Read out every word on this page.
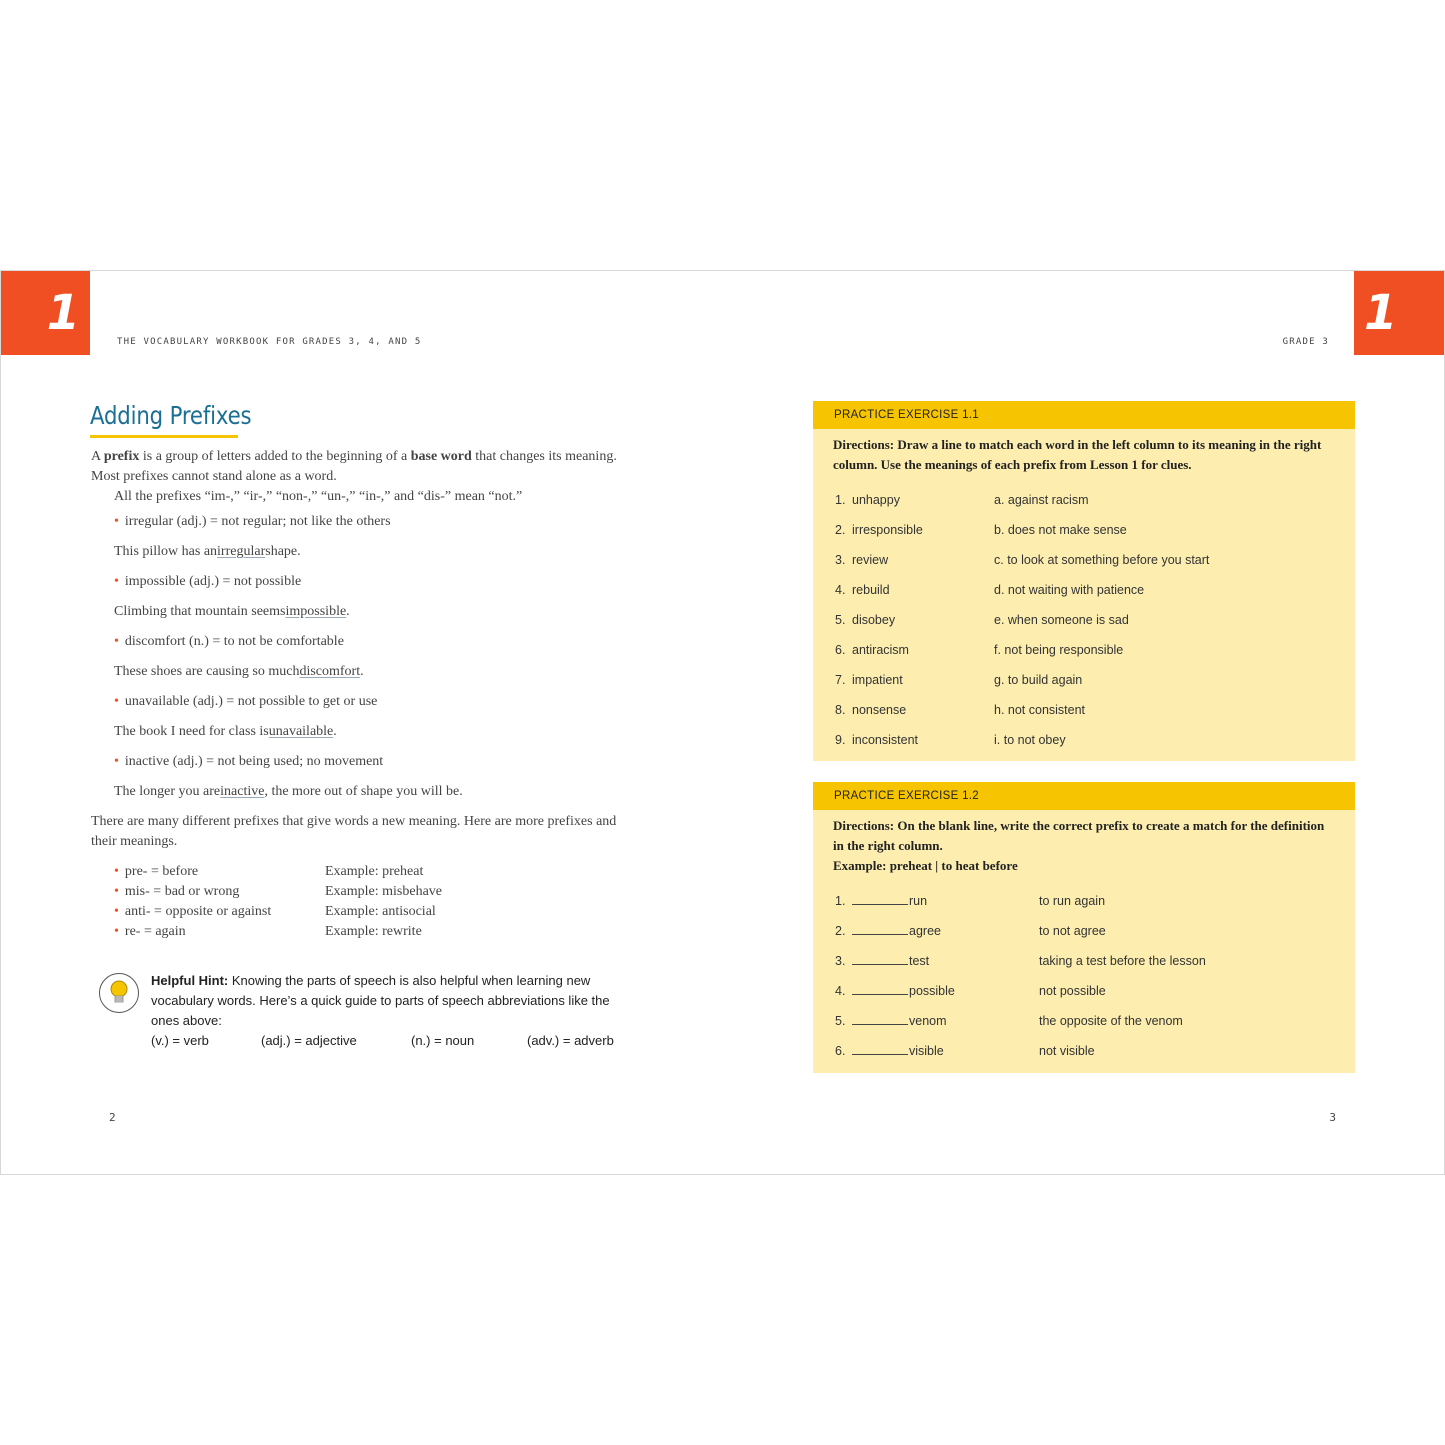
1	1
THE VOCABULARY WORKBOOK FOR GRADES 3, 4, AND 5	GRADE 3
Adding Prefixes

A prefix is a group of letters added to the beginning of a base word that changes its meaning. Most prefixes cannot stand alone as a word.

All the prefixes “im-,” “ir-,” “non-,” “un-,” “in-,” and “dis-” mean “not.”

• irregular (adj.) = not regular; not like the others
This pillow has an irregular shape.
• impossible (adj.) = not possible
Climbing that mountain seems impossible .
• discomfort (n.) = to not be comfortable
These shoes are causing so much discomfort .
• unavailable (adj.) = not possible to get or use
The book I need for class is unavailable .
• inactive (adj.) = not being used; no movement
The longer you are inactive , the more out of shape you will be.

There are many different prefixes that give words a new meaning. Here are more prefixes and their meanings.

• pre- = before	Example: preheat
• mis- = bad or wrong	Example: misbehave
• anti- = opposite or against	Example: antisocial
• re- = again	Example: rewrite
Helpful Hint: Knowing the parts of speech is also helpful when learning new vocabulary words. Here’s a quick guide to parts of speech abbreviations like the ones above:
(v.) = verb	(adj.) = adjective	(n.) = noun	(adv.) = adverb
2
PRACTICE EXERCISE 1.1
Directions: Draw a line to match each word in the left column to its meaning in the right column. Use the meanings of each prefix from Lesson 1 for clues.
1. unhappy	a. against racism
2. irresponsible	b. does not make sense
3. review	c. to look at something before you start
4. rebuild	d. not waiting with patience
5. disobey	e. when someone is sad
6. antiracism	f. not being responsible
7. impatient	g. to build again
8. nonsense	h. not consistent
9. inconsistent	i. to not obey
PRACTICE EXERCISE 1.2
Directions: On the blank line, write the correct prefix to create a match for the definition in the right column.
Example: preheat | to heat before
1.	run	to run again
2.	agree	to not agree
3.	test	taking a test before the lesson
4.	possible	not possible
5.	venom	the opposite of the venom
6.	visible	not visible
3
